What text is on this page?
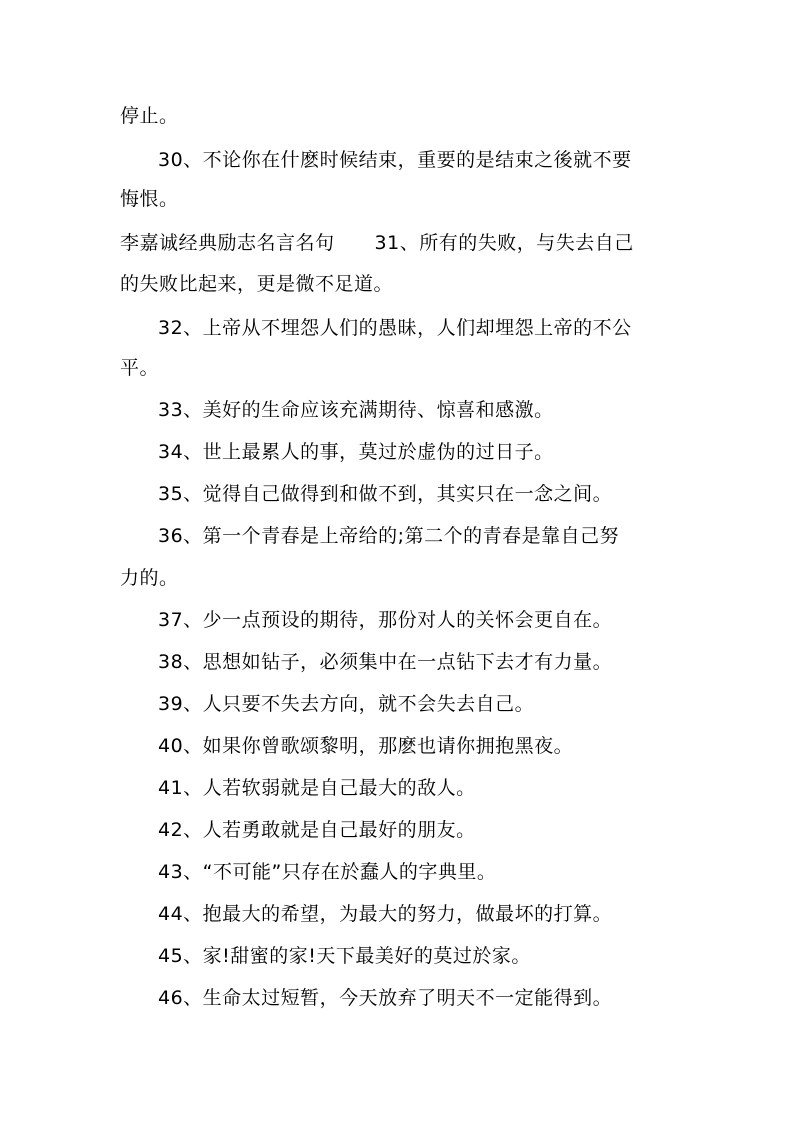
停止。
30、不论你在什麽时候结束，重要的是结束之後就不要
悔恨。
李嘉诚经典励志名言名句 31、所有的失败，与失去自己
的失败比起来，更是微不足道。
32、上帝从不埋怨人们的愚昧，人们却埋怨上帝的不公
平。
33、美好的生命应该充满期待、惊喜和感激。
34、世上最累人的事，莫过於虚伪的过日子。
35、觉得自己做得到和做不到，其实只在一念之间。
36、第一个青春是上帝给的;第二个的青春是靠自己努
力的。
37、少一点预设的期待，那份对人的关怀会更自在。
38、思想如钻子，必须集中在一点钻下去才有力量。
39、人只要不失去方向，就不会失去自己。
40、如果你曾歌颂黎明，那麽也请你拥抱黑夜。
41、人若软弱就是自己最大的敌人。
42、人若勇敢就是自己最好的朋友。
43、“不可能”只存在於蠢人的字典里。
44、抱最大的希望，为最大的努力，做最坏的打算。
45、家!甜蜜的家!天下最美好的莫过於家。
46、生命太过短暂，今天放弃了明天不一定能得到。
